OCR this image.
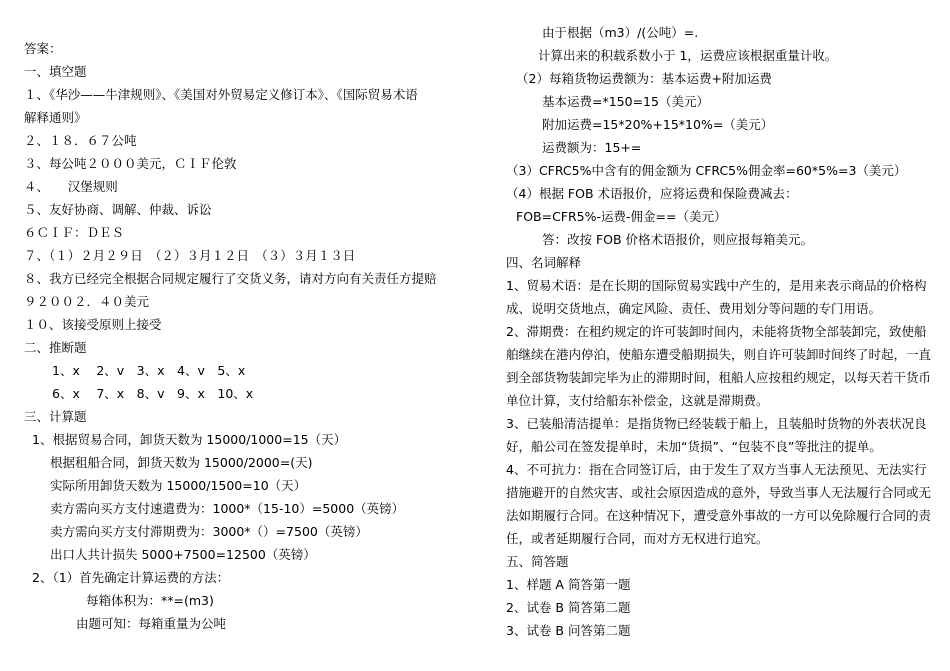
答案：
一、填空题
１、《华沙——牛津规则》、《美国对外贸易定义修订本》、《国际贸易术语
解释通则》
２、１８．６７公吨
３、每公吨２０００美元，ＣＩＦ伦敦
４、　　汉堡规则
５、友好协商、调解、仲裁、诉讼
６ＣＩＦ：ＤＥＳ
７、（１）２月２９日　（２）３月１２日　（３）３月１３日
８、我方已经完全根据合同规定履行了交货义务，请对方向有关责任方提赔
９２００２．４０美元
１０、该接受原则上接受
二、推断题
1、x　 2、v　3、x　4、v　5、x
6、x　 7、x　8、v　9、x　10、x
三、计算题
1、根据贸易合同，卸货天数为 15000/1000=15（天）
根据租船合同，卸货天数为 15000/2000=(天)
实际所用卸货天数为 15000/1500=10（天）
卖方需向买方支付速遣费为：1000*（15-10）=5000（英镑）
卖方需向买方支付滞期费为：3000*（）=7500（英镑）
出口人共计损失 5000+7500=12500（英镑）
2、（1）首先确定计算运费的方法：
每箱体积为：**=(m3)
由题可知：每箱重量为公吨
由于根据（m3）/(公吨）=.
计算出来的积载系数小于 1，运费应该根据重量计收。
（2）每箱货物运费额为：基本运费+附加运费
基本运费=*150=15（美元）
附加运费=15*20%+15*10%=（美元）
运费额为：15+=
（3）CFRC5%中含有的佣金额为 CFRC5%佣金率=60*5%=3（美元）
（4）根据 FOB 术语报价，应将运费和保险费减去：
FOB=CFR5%-运费-佣金==（美元）
答：改按 FOB 价格术语报价，则应报每箱美元。
四、名词解释
1、贸易术语：是在长期的国际贸易实践中产生的，是用来表示商品的价格构
成、说明交货地点，确定风险、责任、费用划分等问题的专门用语。
2、滞期费：在租约规定的许可装卸时间内，未能将货物全部装卸完，致使船
舶继续在港内停泊，使船东遭受船期损失，则自许可装卸时间终了时起，一直
到全部货物装卸完毕为止的滞期时间，租船人应按租约规定，以每天若干货币
单位计算，支付给船东补偿金，这就是滞期费。
3、已装船清洁提单：是指货物已经装载于船上，且装船时货物的外表状况良
好，船公司在签发提单时，未加“货损”、“包装不良”等批注的提单。
4、不可抗力：指在合同签订后，由于发生了双方当事人无法预见、无法实行
措施避开的自然灾害、或社会原因造成的意外，导致当事人无法履行合同或无
法如期履行合同。在这种情况下，遭受意外事故的一方可以免除履行合同的责
任，或者延期履行合同，而对方无权进行追究。
五、简答题
1、样题 A 简答第一题
2、试卷 B 简答第二题
3、试卷 B 问答第二题
